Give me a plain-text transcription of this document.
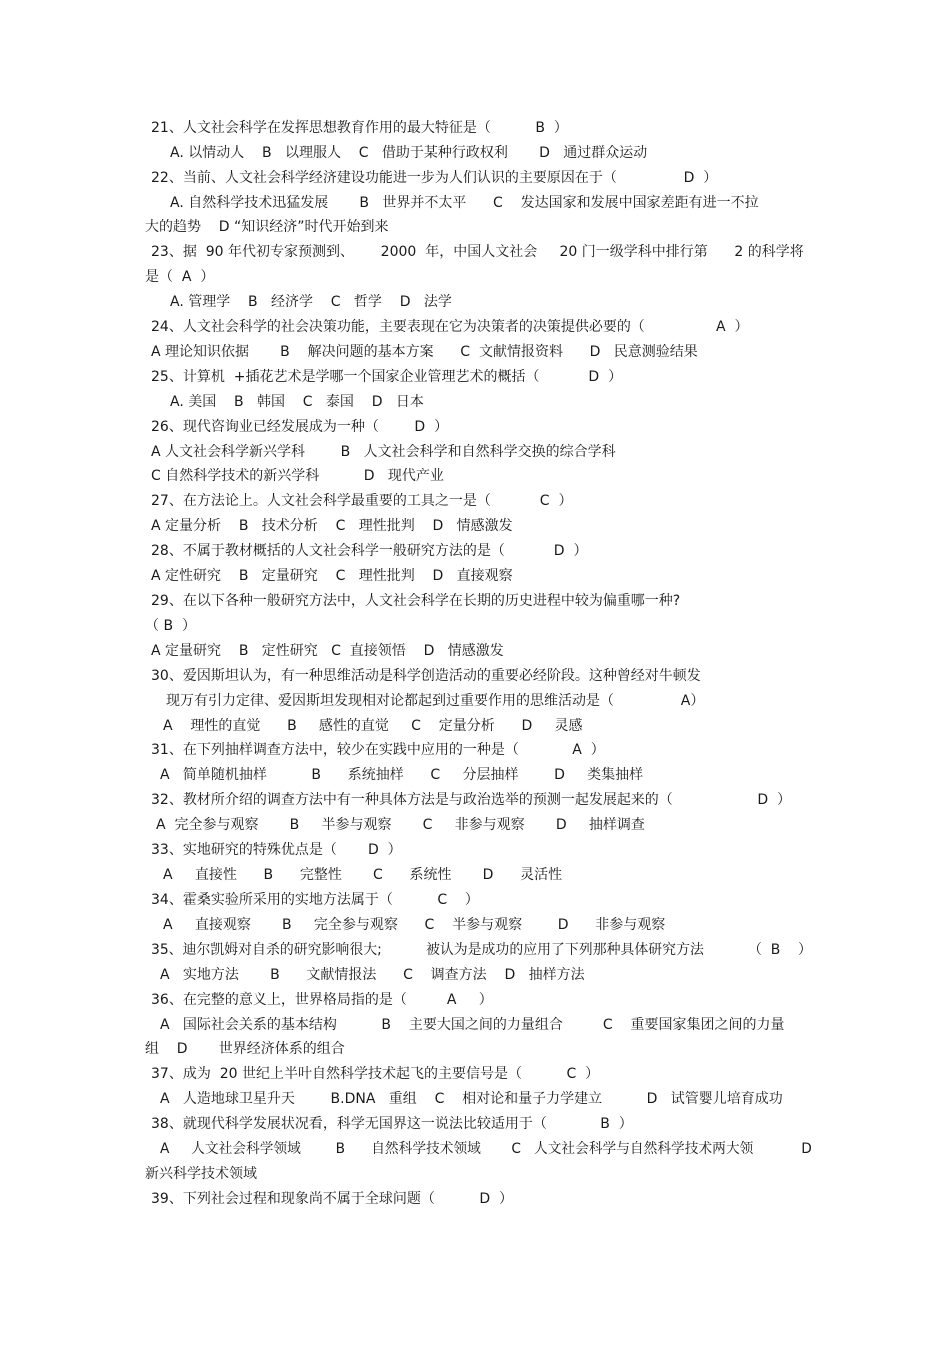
21、人文社会科学在发挥思想教育作用的最大特征是（          B  ）
A. 以情动人    B   以理服人    C   借助于某种行政权利       D   通过群众运动
22、当前、人文社会科学经济建设功能进一步为人们认识的主要原因在于（               D  ）
A. 自然科学技术迅猛发展       B   世界并不太平      C    发达国家和发展中国家差距有进一不拉
大的趋势    D “知识经济”时代开始到来
23、据  90 年代初专家预测到、      2000  年，中国人文社会     20 门一级学科中排行第      2 的科学将
是（  A  ）
A. 管理学    B   经济学    C   哲学    D   法学
24、人文社会科学的社会决策功能，主要表现在它为决策者的决策提供必要的（                A  ）
A 理论知识依据       B    解决问题的基本方案      C  文献情报资料      D   民意测验结果
25、计算机  +插花艺术是学哪一个国家企业管理艺术的概括（           D  ）
A. 美国    B   韩国    C   泰国    D   日本
26、现代咨询业已经发展成为一种（        D  ）
A 人文社会科学新兴学科        B   人文社会科学和自然科学交换的综合学科
C 自然科学技术的新兴学科          D   现代产业
27、在方法论上。人文社会科学最重要的工具之一是（           C  ）
A 定量分析    B   技术分析    C   理性批判    D   情感激发
28、不属于教材概括的人文社会科学一般研究方法的是（           D  ）
A 定性研究    B   定量研究    C   理性批判    D   直接观察
29、在以下各种一般研究方法中，人文社会科学在长期的历史进程中较为偏重哪一种?
（ B  ）
A 定量研究    B   定性研究   C  直接领悟    D   情感激发
30、爱因斯坦认为，有一种思维活动是科学创造活动的重要必经阶段。这种曾经对牛顿发
现万有引力定律、爱因斯坦发现相对论都起到过重要作用的思维活动是（               A）
A    理性的直觉      B     感性的直觉     C    定量分析      D     灵感
31、在下列抽样调查方法中，较少在实践中应用的一种是（            A  ）
A   简单随机抽样          B      系统抽样      C     分层抽样        D     类集抽样
32、教材所介绍的调查方法中有一种具体方法是与政治选举的预测一起发展起来的（                   D  ）
A  完全参与观察       B     半参与观察       C     非参与观察       D     抽样调查
33、实地研究的特殊优点是（       D  ）
A     直接性      B      完整性       C      系统性       D      灵活性
34、霍桑实验所采用的实地方法属于（          C    ）
A     直接观察       B     完全参与观察      C    半参与观察        D      非参与观察
35、迪尔凯姆对自杀的研究影响很大;          被认为是成功的应用了下列那种具体研究方法          （  B    ）
A   实地方法       B      文献情报法      C    调查方法    D   抽样方法
36、在完整的意义上，世界格局指的是（         A     ）
A   国际社会关系的基本结构          B    主要大国之间的力量组合         C    重要国家集团之间的力量
组    D       世界经济体系的组合
37、成为  20 世纪上半叶自然科学技术起飞的主要信号是（          C  ）
A   人造地球卫星升天        B.DNA   重组    C    相对论和量子力学建立          D   试管婴儿培育成功
38、就现代科学发展状况看，科学无国界这一说法比较适用于（            B  ）
A     人文社会科学领域        B      自然科学技术领域       C   人文社会科学与自然科学技术两大领           D
新兴科学技术领域
39、下列社会过程和现象尚不属于全球问题（          D  ）
